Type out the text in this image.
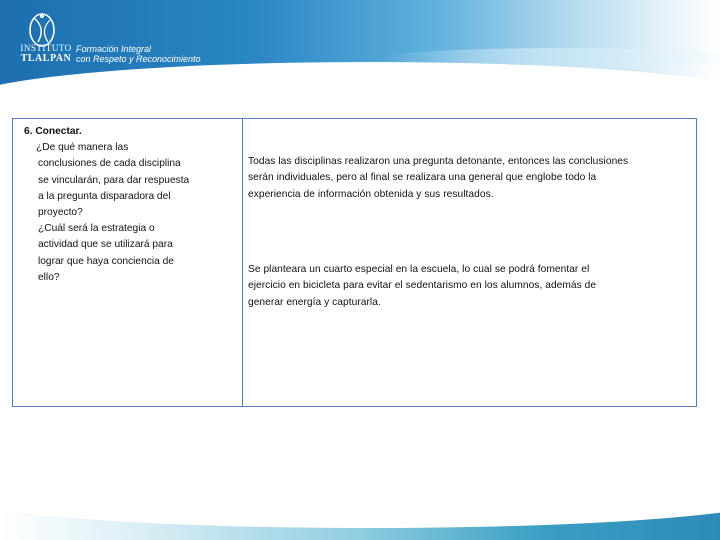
INSTITUTO
TLALPAN
Formación Integral
con Respeto y Reconocimiento
6. Conectar.
¿De qué manera las
conclusiones de cada disciplina
se vincularán, para dar respuesta
a la pregunta disparadora del
proyecto?
¿Cuál será la estrategia o
actividad que se utilizará para
lograr que haya conciencia de
ello?
Todas las disciplinas realizaron una pregunta detonante, entonces las conclusiones
serán individuales, pero al final se realizara una general que englobe todo la
experiencia de información obtenida y sus resultados.
Se planteara un cuarto especial en la escuela, lo cual se podrá fomentar el
ejercicio en bicicleta para evitar el sedentarismo en los alumnos, además de
generar energía y capturarla.
